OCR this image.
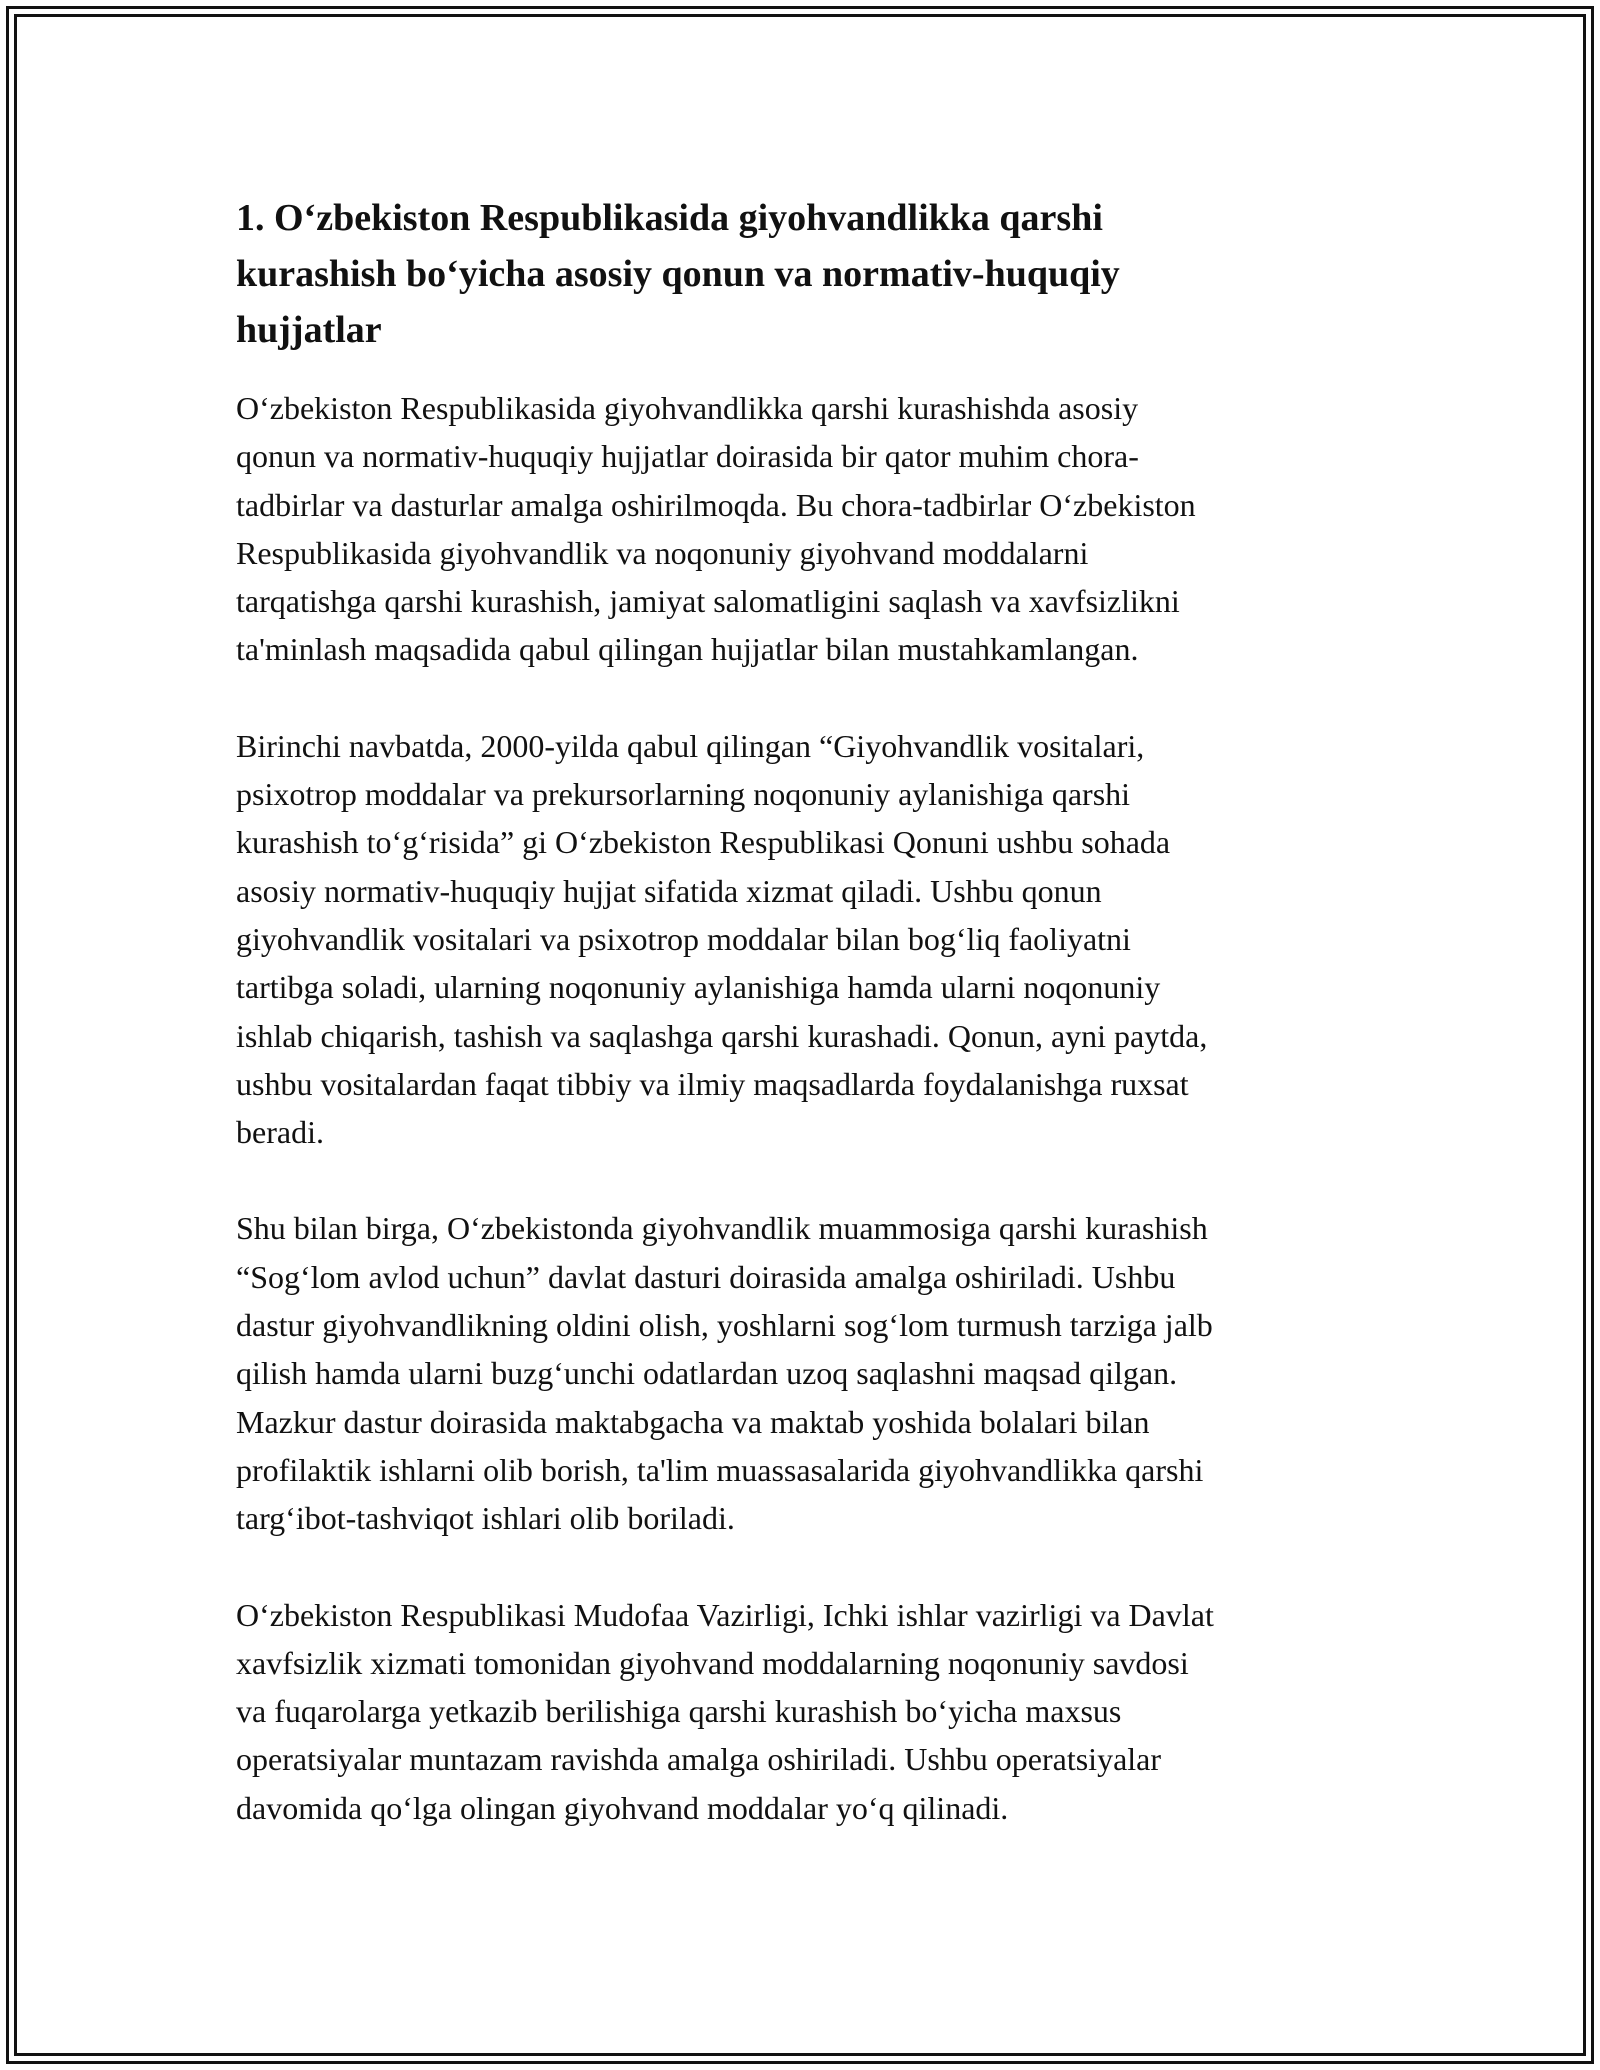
1. O‘zbekiston Respublikasida giyohvandlikka qarshi
kurashish bo‘yicha asosiy qonun va normativ-huquqiy
hujjatlar

O‘zbekiston Respublikasida giyohvandlikka qarshi kurashishda asosiy
qonun va normativ-huquqiy hujjatlar doirasida bir qator muhim chora-
tadbirlar va dasturlar amalga oshirilmoqda. Bu chora-tadbirlar O‘zbekiston
Respublikasida giyohvandlik va noqonuniy giyohvand moddalarni
tarqatishga qarshi kurashish, jamiyat salomatligini saqlash va xavfsizlikni
ta'minlash maqsadida qabul qilingan hujjatlar bilan mustahkamlangan.

Birinchi navbatda, 2000-yilda qabul qilingan “Giyohvandlik vositalari,
psixotrop moddalar va prekursorlarning noqonuniy aylanishiga qarshi
kurashish to‘g‘risida” gi O‘zbekiston Respublikasi Qonuni ushbu sohada
asosiy normativ-huquqiy hujjat sifatida xizmat qiladi. Ushbu qonun
giyohvandlik vositalari va psixotrop moddalar bilan bog‘liq faoliyatni
tartibga soladi, ularning noqonuniy aylanishiga hamda ularni noqonuniy
ishlab chiqarish, tashish va saqlashga qarshi kurashadi. Qonun, ayni paytda,
ushbu vositalardan faqat tibbiy va ilmiy maqsadlarda foydalanishga ruxsat
beradi.

Shu bilan birga, O‘zbekistonda giyohvandlik muammosiga qarshi kurashish
“Sog‘lom avlod uchun” davlat dasturi doirasida amalga oshiriladi. Ushbu
dastur giyohvandlikning oldini olish, yoshlarni sog‘lom turmush tarziga jalb
qilish hamda ularni buzg‘unchi odatlardan uzoq saqlashni maqsad qilgan.
Mazkur dastur doirasida maktabgacha va maktab yoshida bolalari bilan
profilaktik ishlarni olib borish, ta'lim muassasalarida giyohvandlikka qarshi
targ‘ibot-tashviqot ishlari olib boriladi.

O‘zbekiston Respublikasi Mudofaa Vazirligi, Ichki ishlar vazirligi va Davlat
xavfsizlik xizmati tomonidan giyohvand moddalarning noqonuniy savdosi
va fuqarolarga yetkazib berilishiga qarshi kurashish bo‘yicha maxsus
operatsiyalar muntazam ravishda amalga oshiriladi. Ushbu operatsiyalar
davomida qo‘lga olingan giyohvand moddalar yo‘q qilinadi.
